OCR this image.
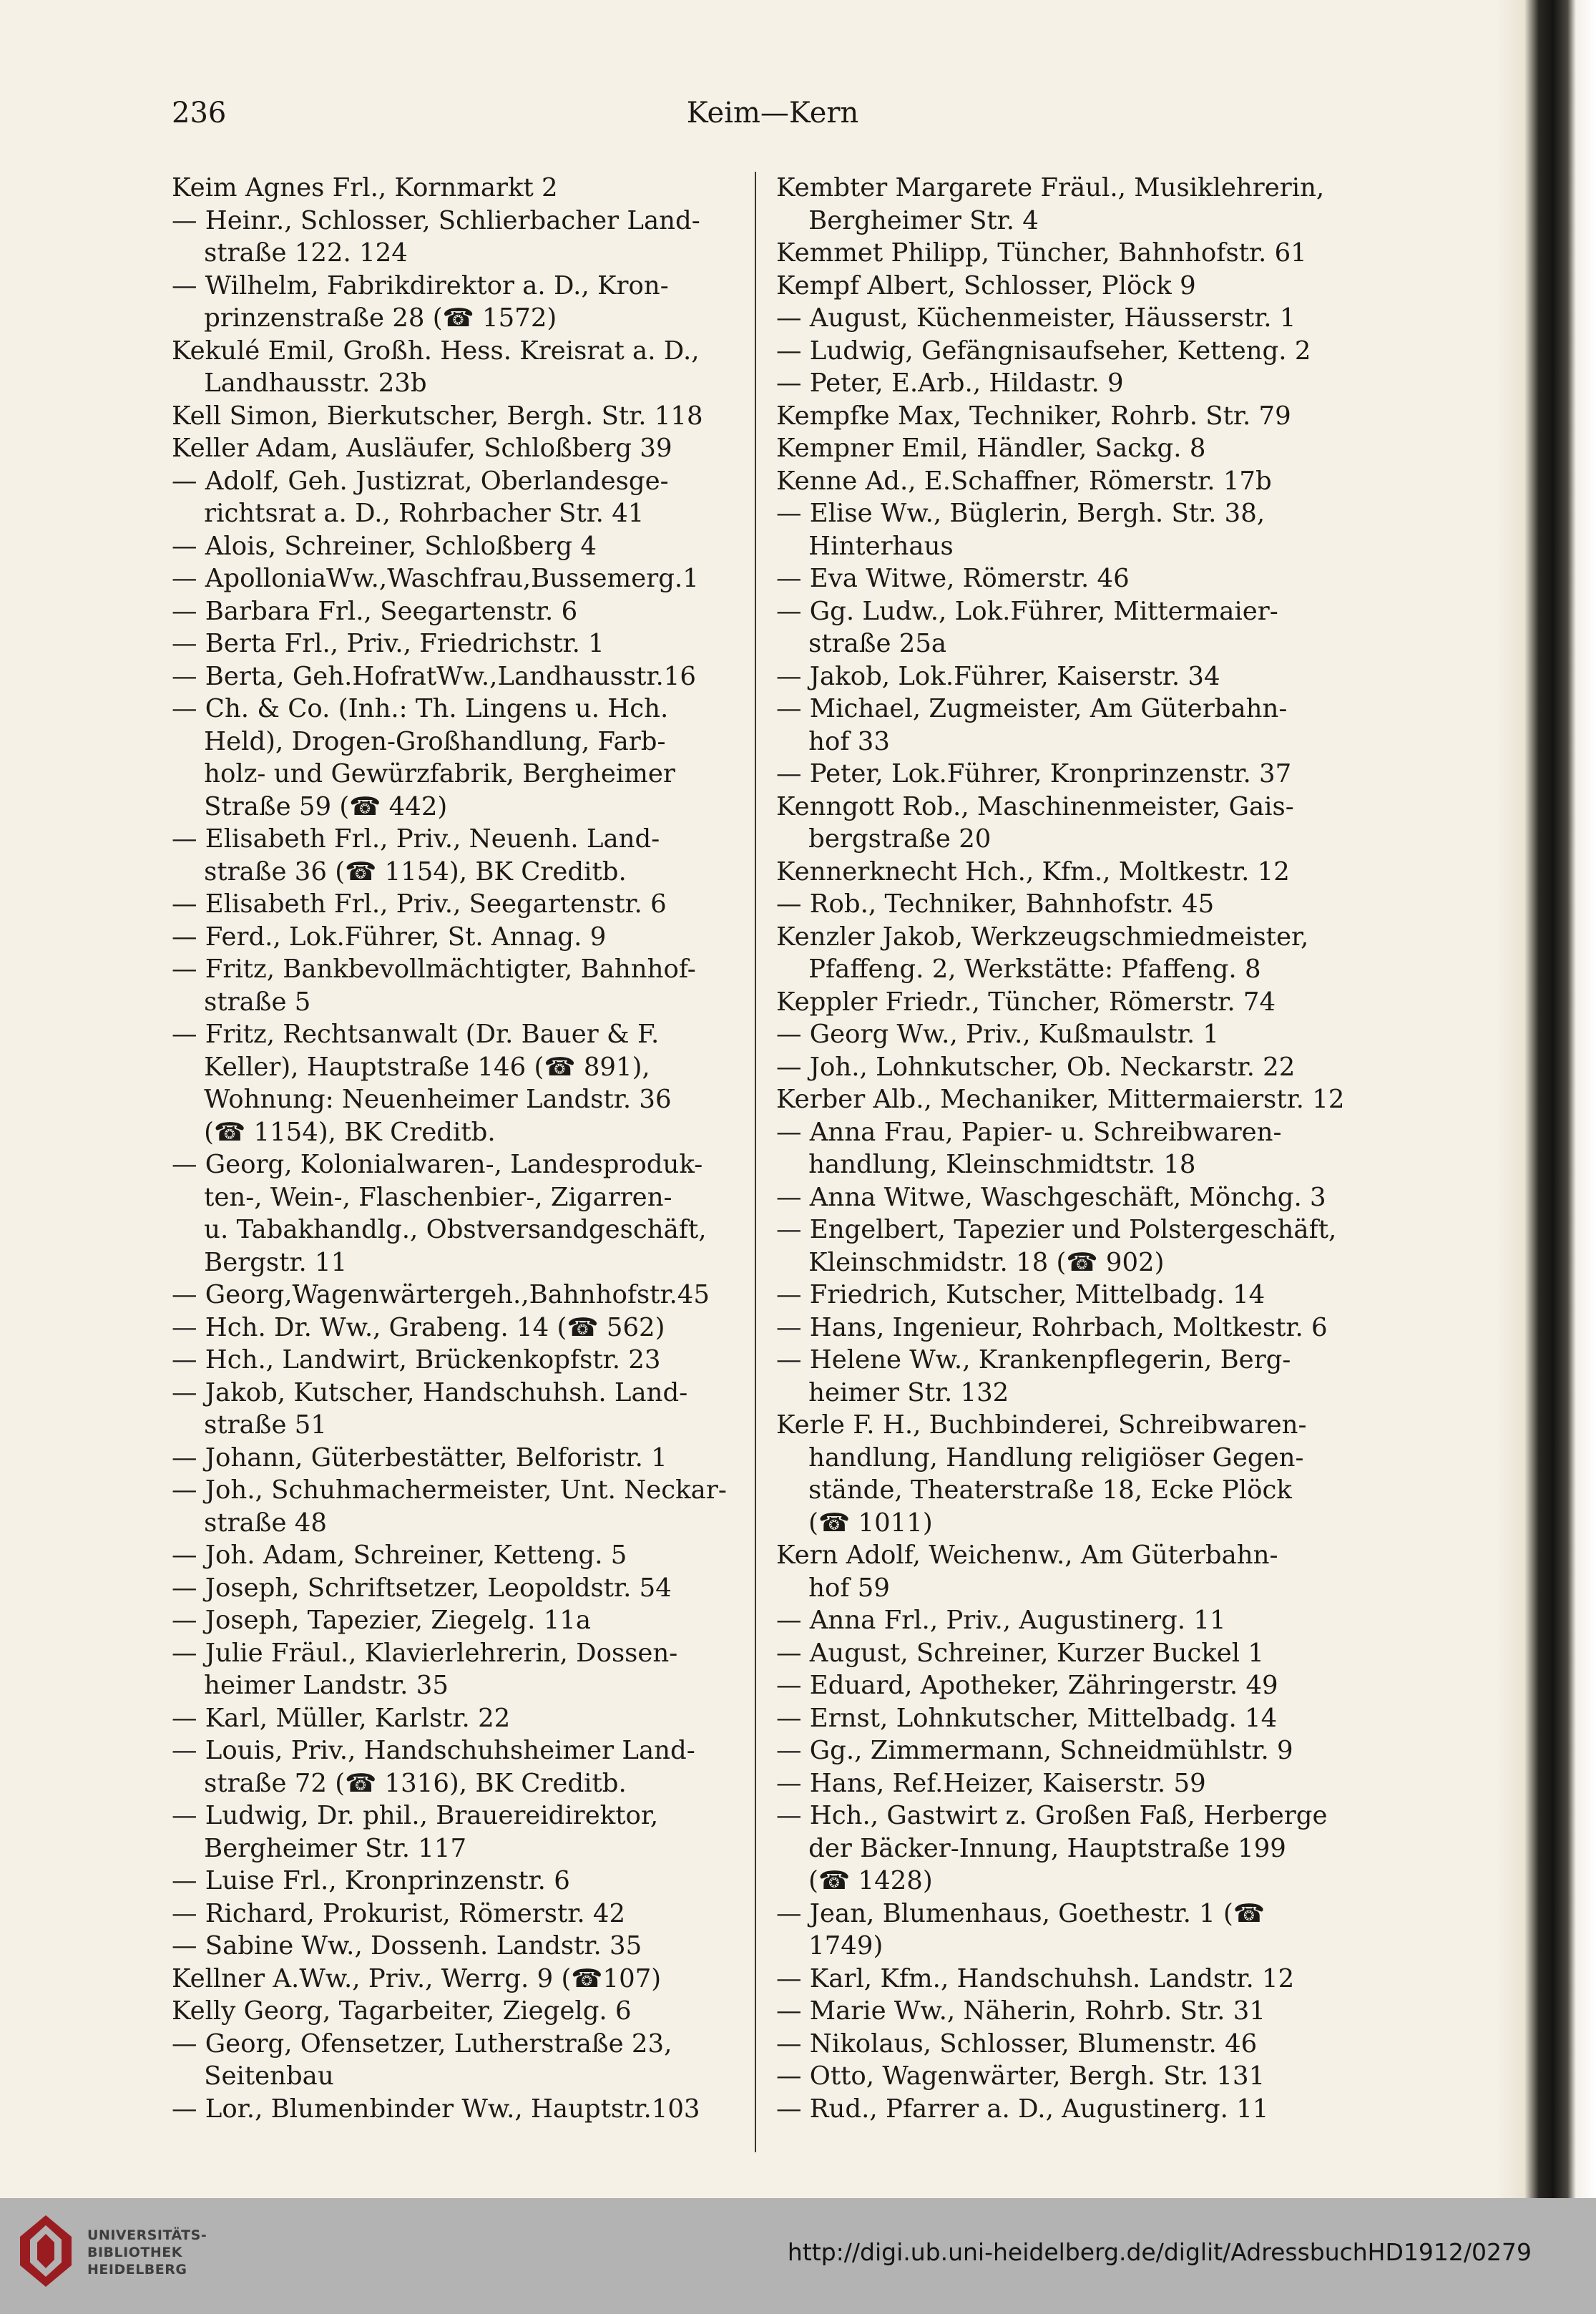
236	Keim—Kern
Keim Agnes Frl., Kornmarkt 2
— Heinr., Schlosser, Schlierbacher Land-
straße 122. 124
— Wilhelm, Fabrikdirektor a. D., Kron-
prinzenstraße 28 (☎ 1572)
Kekulé Emil, Großh. Hess. Kreisrat a. D.,
Landhausstr. 23b
Kell Simon, Bierkutscher, Bergh. Str. 118
Keller Adam, Ausläufer, Schloßberg 39
— Adolf, Geh. Justizrat, Oberlandesge-
richtsrat a. D., Rohrbacher Str. 41
— Alois, Schreiner, Schloßberg 4
— ApolloniaWw.,Waschfrau,Bussemerg.1
— Barbara Frl., Seegartenstr. 6
— Berta Frl., Priv., Friedrichstr. 1
— Berta, Geh.HofratWw.,Landhausstr.16
— Ch. & Co. (Inh.: Th. Lingens u. Hch.
Held), Drogen-Großhandlung, Farb-
holz- und Gewürzfabrik, Bergheimer
Straße 59 (☎ 442)
— Elisabeth Frl., Priv., Neuenh. Land-
straße 36 (☎ 1154), BK Creditb.
— Elisabeth Frl., Priv., Seegartenstr. 6
— Ferd., Lok.Führer, St. Annag. 9
— Fritz, Bankbevollmächtigter, Bahnhof-
straße 5
— Fritz, Rechtsanwalt (Dr. Bauer & F.
Keller), Hauptstraße 146 (☎ 891),
Wohnung: Neuenheimer Landstr. 36
(☎ 1154), BK Creditb.
— Georg, Kolonialwaren-, Landesproduk-
ten-, Wein-, Flaschenbier-, Zigarren-
u. Tabakhandlg., Obstversandgeschäft,
Bergstr. 11
— Georg,Wagenwärtergeh.,Bahnhofstr.45
— Hch. Dr. Ww., Grabeng. 14 (☎ 562)
— Hch., Landwirt, Brückenkopfstr. 23
— Jakob, Kutscher, Handschuhsh. Land-
straße 51
— Johann, Güterbestätter, Belforistr. 1
— Joh., Schuhmachermeister, Unt. Neckar-
straße 48
— Joh. Adam, Schreiner, Ketteng. 5
— Joseph, Schriftsetzer, Leopoldstr. 54
— Joseph, Tapezier, Ziegelg. 11a
— Julie Fräul., Klavierlehrerin, Dossen-
heimer Landstr. 35
— Karl, Müller, Karlstr. 22
— Louis, Priv., Handschuhsheimer Land-
straße 72 (☎ 1316), BK Creditb.
— Ludwig, Dr. phil., Brauereidirektor,
Bergheimer Str. 117
— Luise Frl., Kronprinzenstr. 6
— Richard, Prokurist, Römerstr. 42
— Sabine Ww., Dossenh. Landstr. 35
Kellner A.Ww., Priv., Werrg. 9 (☎107)
Kelly Georg, Tagarbeiter, Ziegelg. 6
— Georg, Ofensetzer, Lutherstraße 23,
Seitenbau
— Lor., Blumenbinder Ww., Hauptstr.103
Kembter Margarete Fräul., Musiklehrerin,
Bergheimer Str. 4
Kemmet Philipp, Tüncher, Bahnhofstr. 61
Kempf Albert, Schlosser, Plöck 9
— August, Küchenmeister, Häusserstr. 1
— Ludwig, Gefängnisaufseher, Ketteng. 2
— Peter, E.Arb., Hildastr. 9
Kempfke Max, Techniker, Rohrb. Str. 79
Kempner Emil, Händler, Sackg. 8
Kenne Ad., E.Schaffner, Römerstr. 17b
— Elise Ww., Büglerin, Bergh. Str. 38,
Hinterhaus
— Eva Witwe, Römerstr. 46
— Gg. Ludw., Lok.Führer, Mittermaier-
straße 25a
— Jakob, Lok.Führer, Kaiserstr. 34
— Michael, Zugmeister, Am Güterbahn-
hof 33
— Peter, Lok.Führer, Kronprinzenstr. 37
Kenngott Rob., Maschinenmeister, Gais-
bergstraße 20
Kennerknecht Hch., Kfm., Moltkestr. 12
— Rob., Techniker, Bahnhofstr. 45
Kenzler Jakob, Werkzeugschmiedmeister,
Pfaffeng. 2, Werkstätte: Pfaffeng. 8
Keppler Friedr., Tüncher, Römerstr. 74
— Georg Ww., Priv., Kußmaulstr. 1
— Joh., Lohnkutscher, Ob. Neckarstr. 22
Kerber Alb., Mechaniker, Mittermaierstr. 12
— Anna Frau, Papier- u. Schreibwaren-
handlung, Kleinschmidtstr. 18
— Anna Witwe, Waschgeschäft, Mönchg. 3
— Engelbert, Tapezier und Polstergeschäft,
Kleinschmidstr. 18 (☎ 902)
— Friedrich, Kutscher, Mittelbadg. 14
— Hans, Ingenieur, Rohrbach, Moltkestr. 6
— Helene Ww., Krankenpflegerin, Berg-
heimer Str. 132
Kerle F. H., Buchbinderei, Schreibwaren-
handlung, Handlung religiöser Gegen-
stände, Theaterstraße 18, Ecke Plöck
(☎ 1011)
Kern Adolf, Weichenw., Am Güterbahn-
hof 59
— Anna Frl., Priv., Augustinerg. 11
— August, Schreiner, Kurzer Buckel 1
— Eduard, Apotheker, Zähringerstr. 49
— Ernst, Lohnkutscher, Mittelbadg. 14
— Gg., Zimmermann, Schneidmühlstr. 9
— Hans, Ref.Heizer, Kaiserstr. 59
— Hch., Gastwirt z. Großen Faß, Herberge
der Bäcker-Innung, Hauptstraße 199
(☎ 1428)
— Jean, Blumenhaus, Goethestr. 1 (☎
1749)
— Karl, Kfm., Handschuhsh. Landstr. 12
— Marie Ww., Näherin, Rohrb. Str. 31
— Nikolaus, Schlosser, Blumenstr. 46
— Otto, Wagenwärter, Bergh. Str. 131
— Rud., Pfarrer a. D., Augustinerg. 11
UNIVERSITÄTS-
BIBLIOTHEK
HEIDELBERG
http://digi.ub.uni-heidelberg.de/diglit/AdressbuchHD1912/0279
